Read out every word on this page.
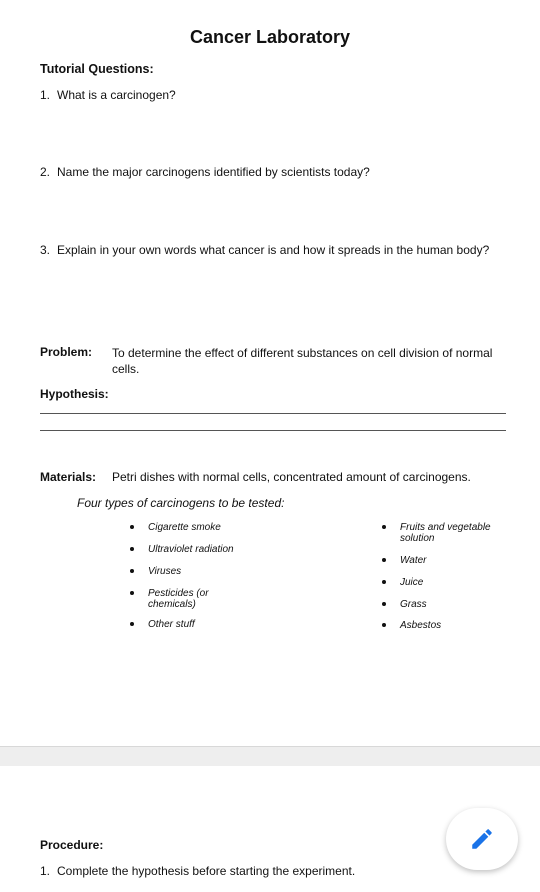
Cancer Laboratory
Tutorial Questions:
1. What is a carcinogen?
2. Name the major carcinogens identified by scientists today?
3. Explain in your own words what cancer is and how it spreads in the human body?
Problem: To determine the effect of different substances on cell division of normal cells.
Hypothesis:
Materials: Petri dishes with normal cells, concentrated amount of carcinogens.
Four types of carcinogens to be tested:
Cigarette smoke
Ultraviolet radiation
Viruses
Pesticides (or chemicals)
Other stuff
Fruits and vegetable solution
Water
Juice
Grass
Asbestos
Procedure:
1. Complete the hypothesis before starting the experiment.
